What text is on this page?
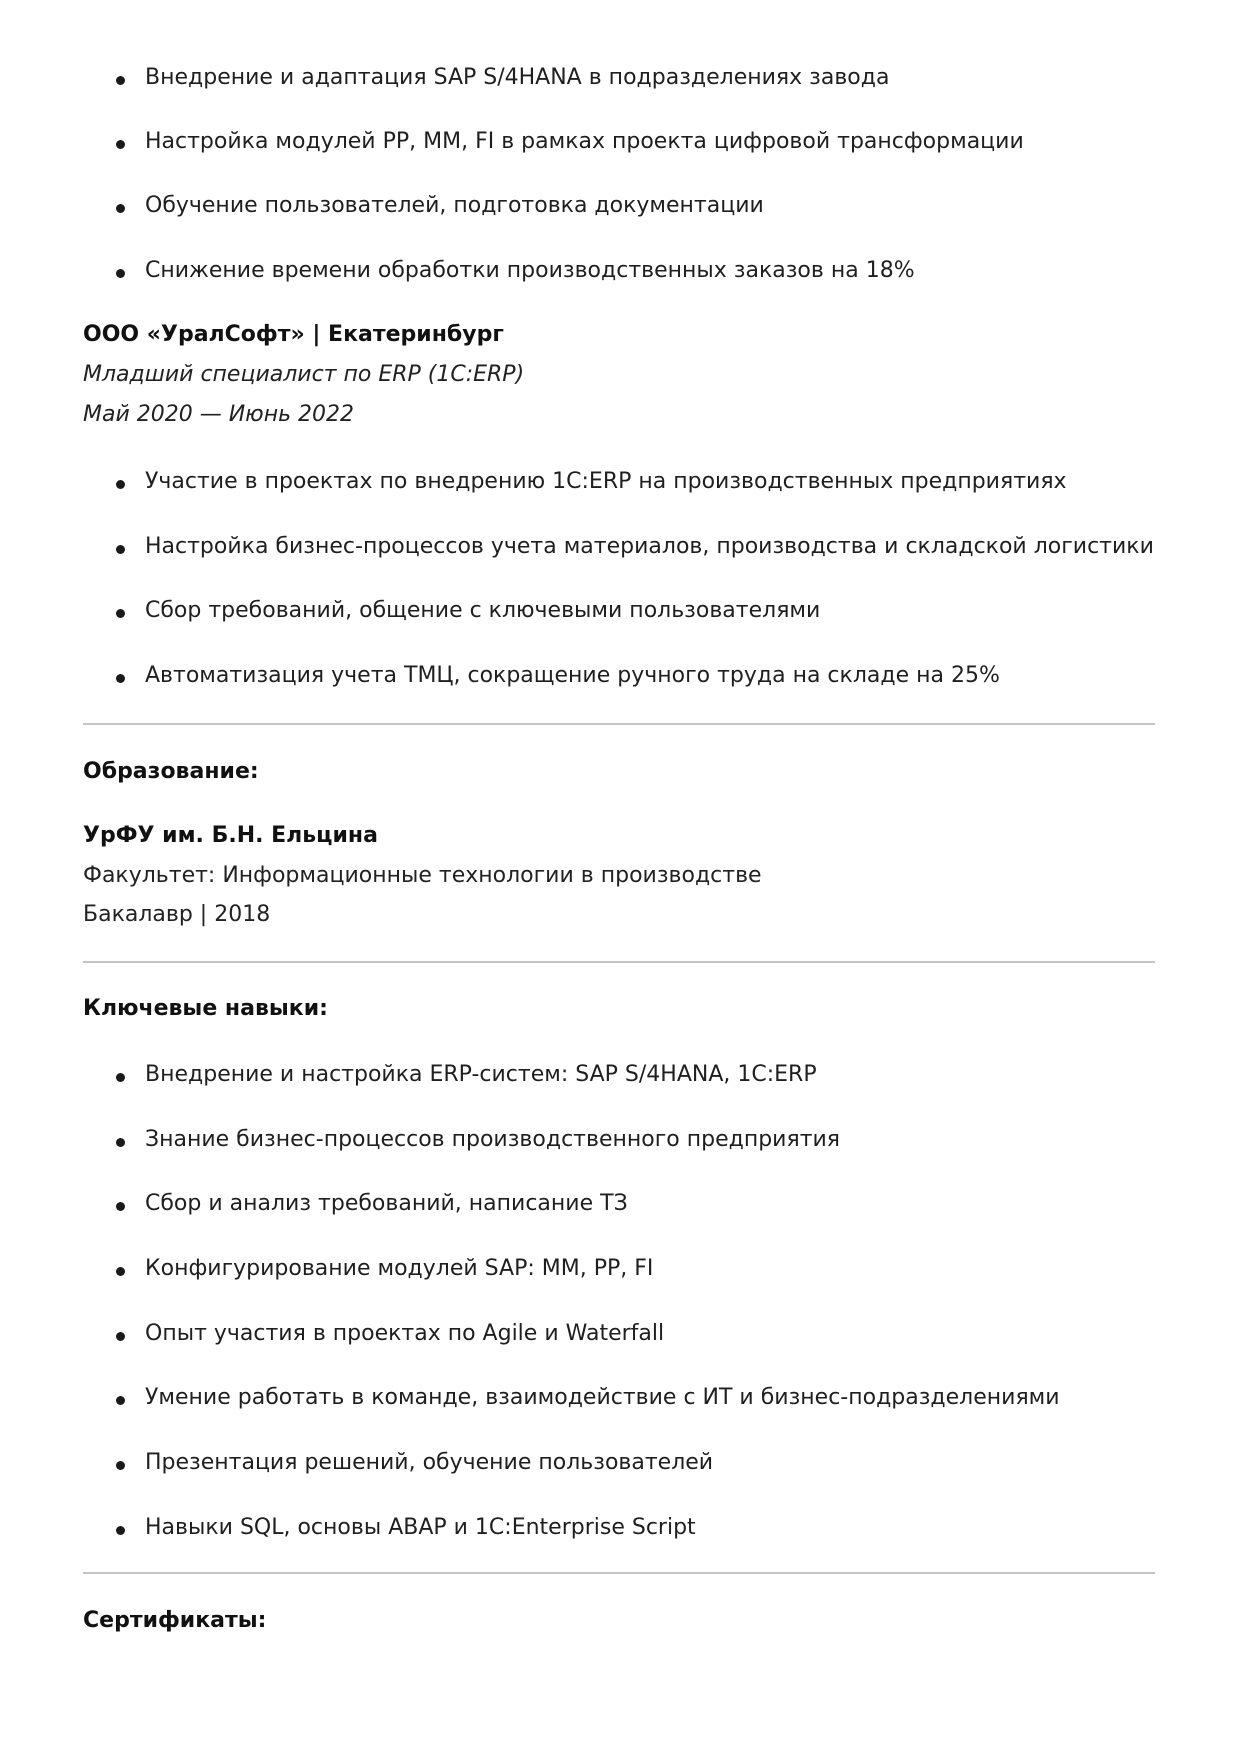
Внедрение и адаптация SAP S/4HANA в подразделениях завода
Настройка модулей PP, MM, FI в рамках проекта цифровой трансформации
Обучение пользователей, подготовка документации
Снижение времени обработки производственных заказов на 18%
ООО «УралСофт» | Екатеринбург
Младший специалист по ERP (1С:ERP)
Май 2020 — Июнь 2022
Участие в проектах по внедрению 1С:ERP на производственных предприятиях
Настройка бизнес-процессов учета материалов, производства и складской логистики
Сбор требований, общение с ключевыми пользователями
Автоматизация учета ТМЦ, сокращение ручного труда на складе на 25%
Образование:
УрФУ им. Б.Н. Ельцина
Факультет: Информационные технологии в производстве
Бакалавр | 2018
Ключевые навыки:
Внедрение и настройка ERP-систем: SAP S/4HANA, 1С:ERP
Знание бизнес-процессов производственного предприятия
Сбор и анализ требований, написание ТЗ
Конфигурирование модулей SAP: MM, PP, FI
Опыт участия в проектах по Agile и Waterfall
Умение работать в команде, взаимодействие с ИТ и бизнес-подразделениями
Презентация решений, обучение пользователей
Навыки SQL, основы ABAP и 1C:Enterprise Script
Сертификаты:
